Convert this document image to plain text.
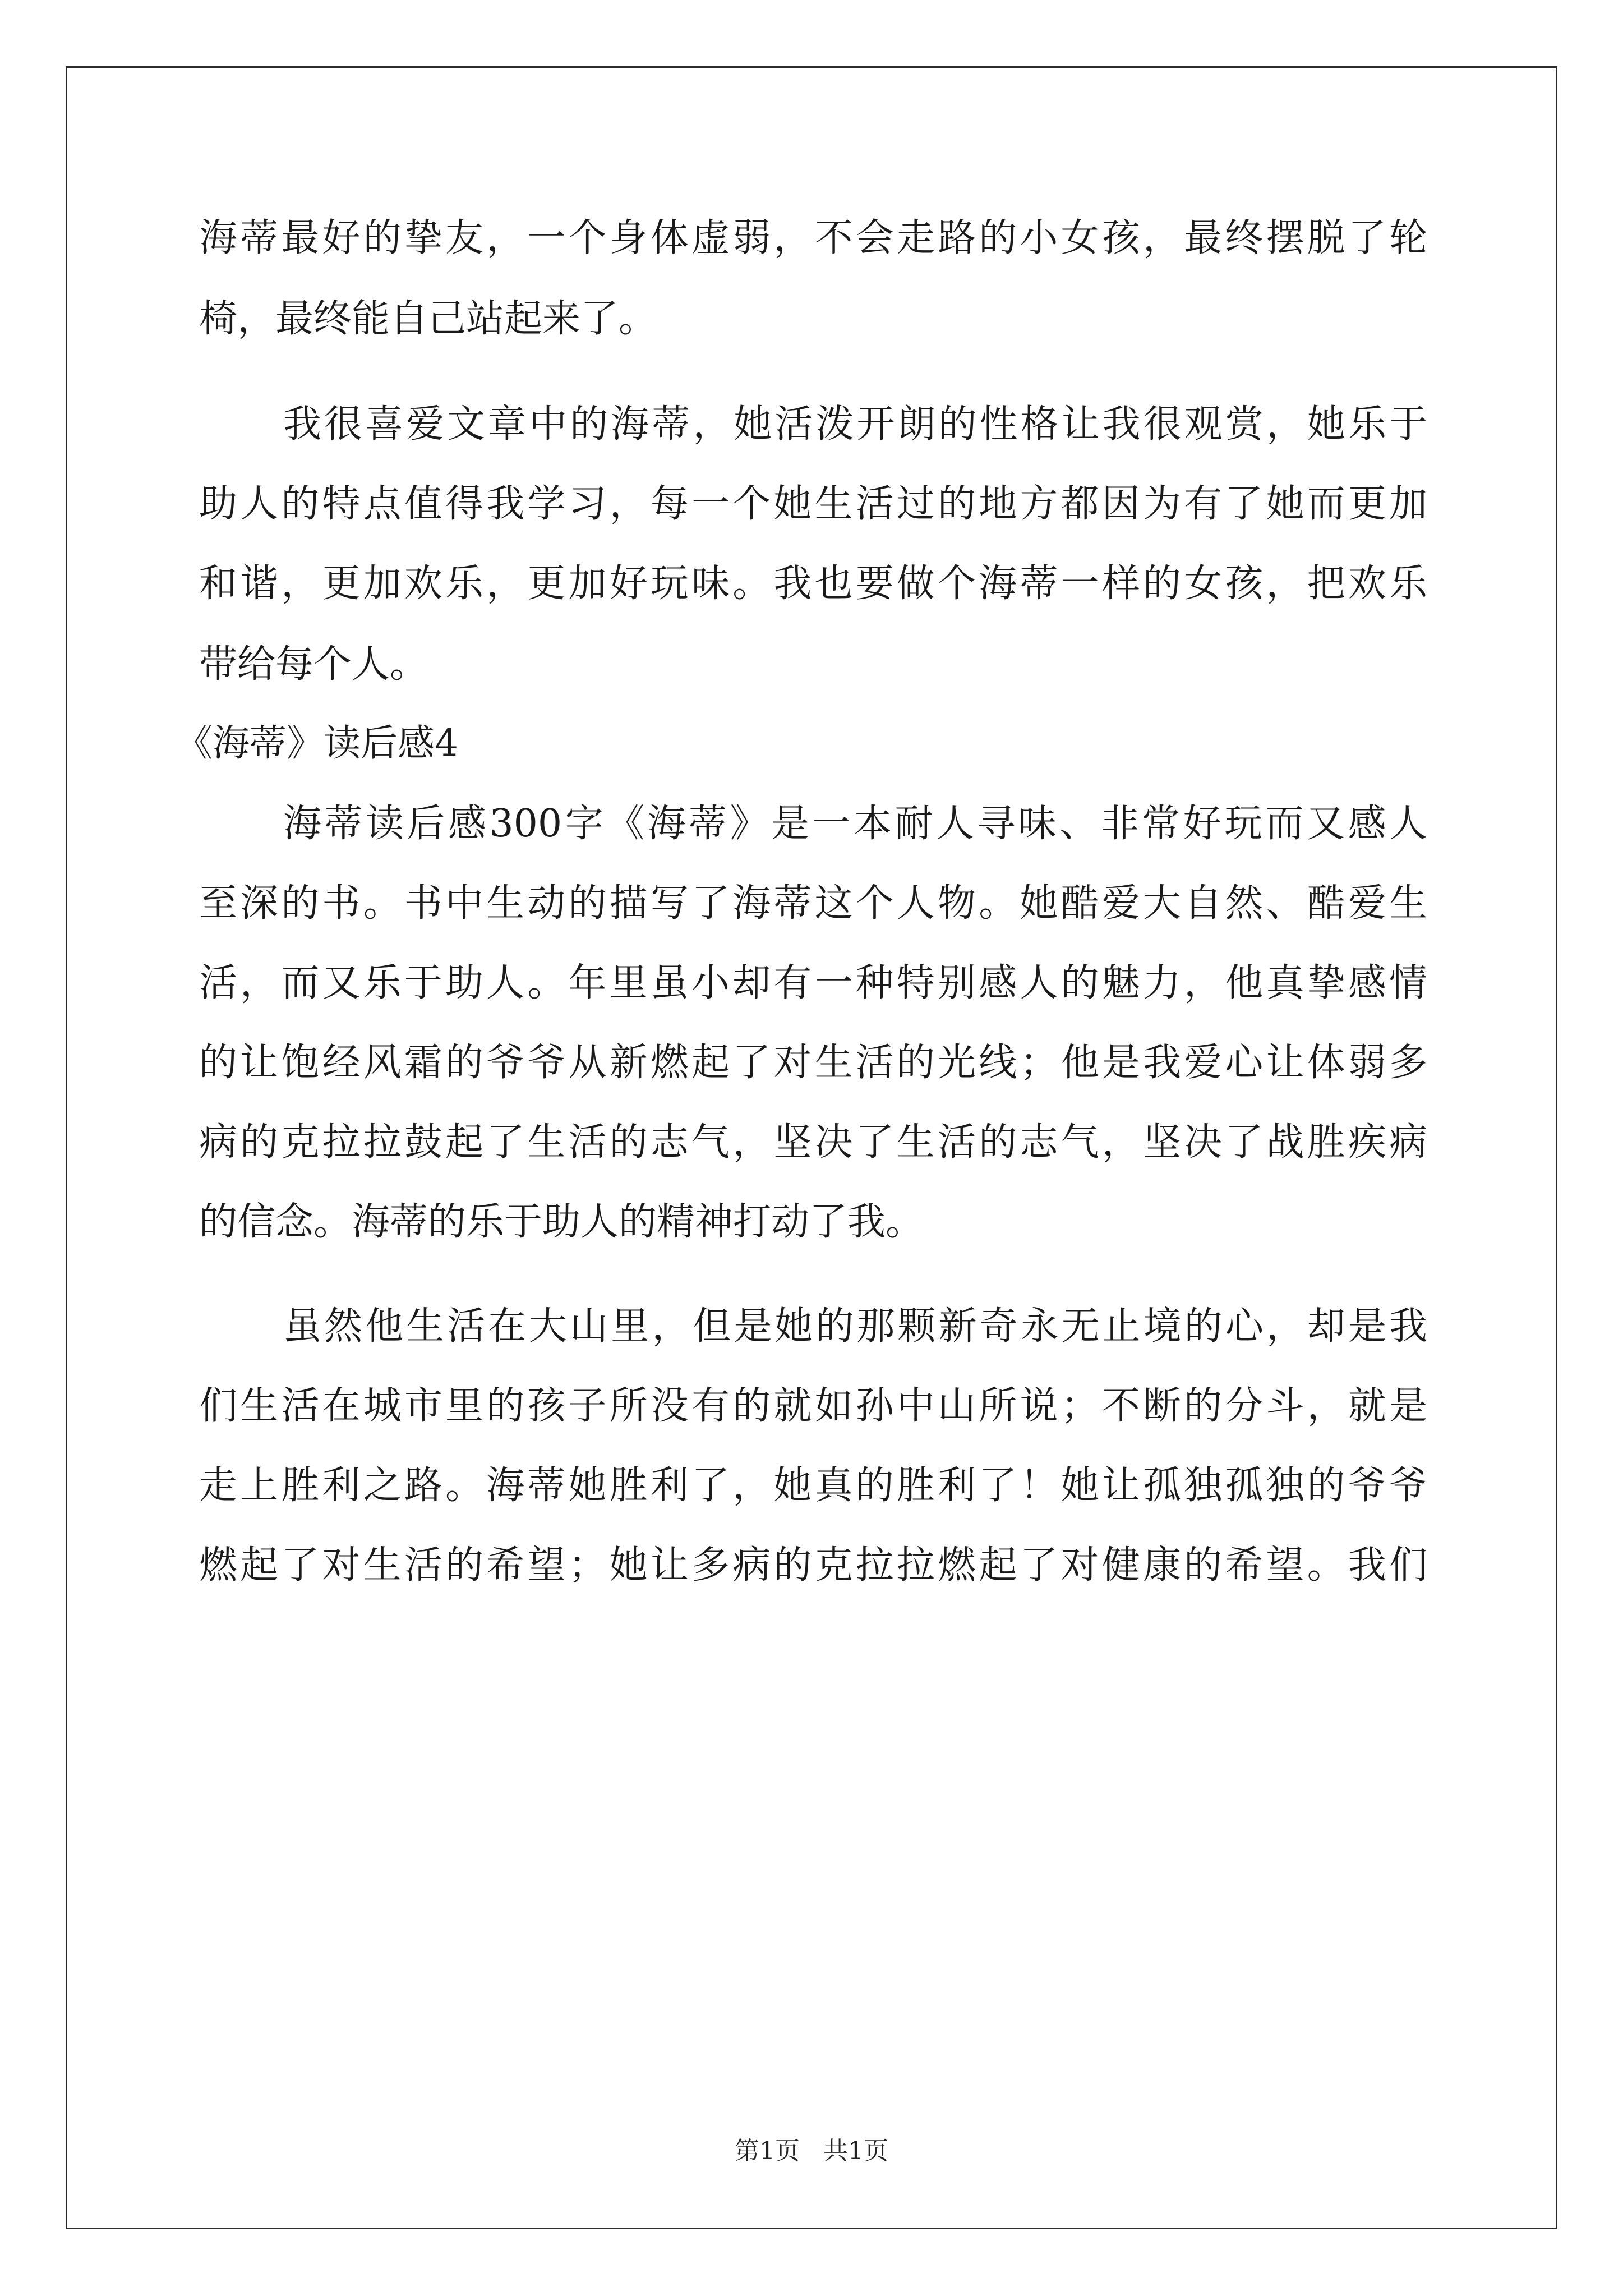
海蒂最好的挚友，一个身体虚弱，不会走路的小女孩，最终摆脱了轮
椅，最终能自己站起来了。
我很喜爱文章中的海蒂，她活泼开朗的性格让我很观赏，她乐于
助人的特点值得我学习，每一个她生活过的地方都因为有了她而更加
和谐，更加欢乐，更加好玩味。我也要做个海蒂一样的女孩，把欢乐
带给每个人。
《海蒂》读后感4
海蒂读后感300字《海蒂》是一本耐人寻味、非常好玩而又感人
至深的书。书中生动的描写了海蒂这个人物。她酷爱大自然、酷爱生
活，而又乐于助人。年里虽小却有一种特别感人的魅力，他真挚感情
的让饱经风霜的爷爷从新燃起了对生活的光线；他是我爱心让体弱多
病的克拉拉鼓起了生活的志气，坚决了生活的志气，坚决了战胜疾病
的信念。海蒂的乐于助人的精神打动了我。
虽然他生活在大山里，但是她的那颗新奇永无止境的心，却是我
们生活在城市里的孩子所没有的就如孙中山所说；不断的分斗，就是
走上胜利之路。海蒂她胜利了，她真的胜利了！她让孤独孤独的爷爷
燃起了对生活的希望；她让多病的克拉拉燃起了对健康的希望。我们
第1页 共1页
